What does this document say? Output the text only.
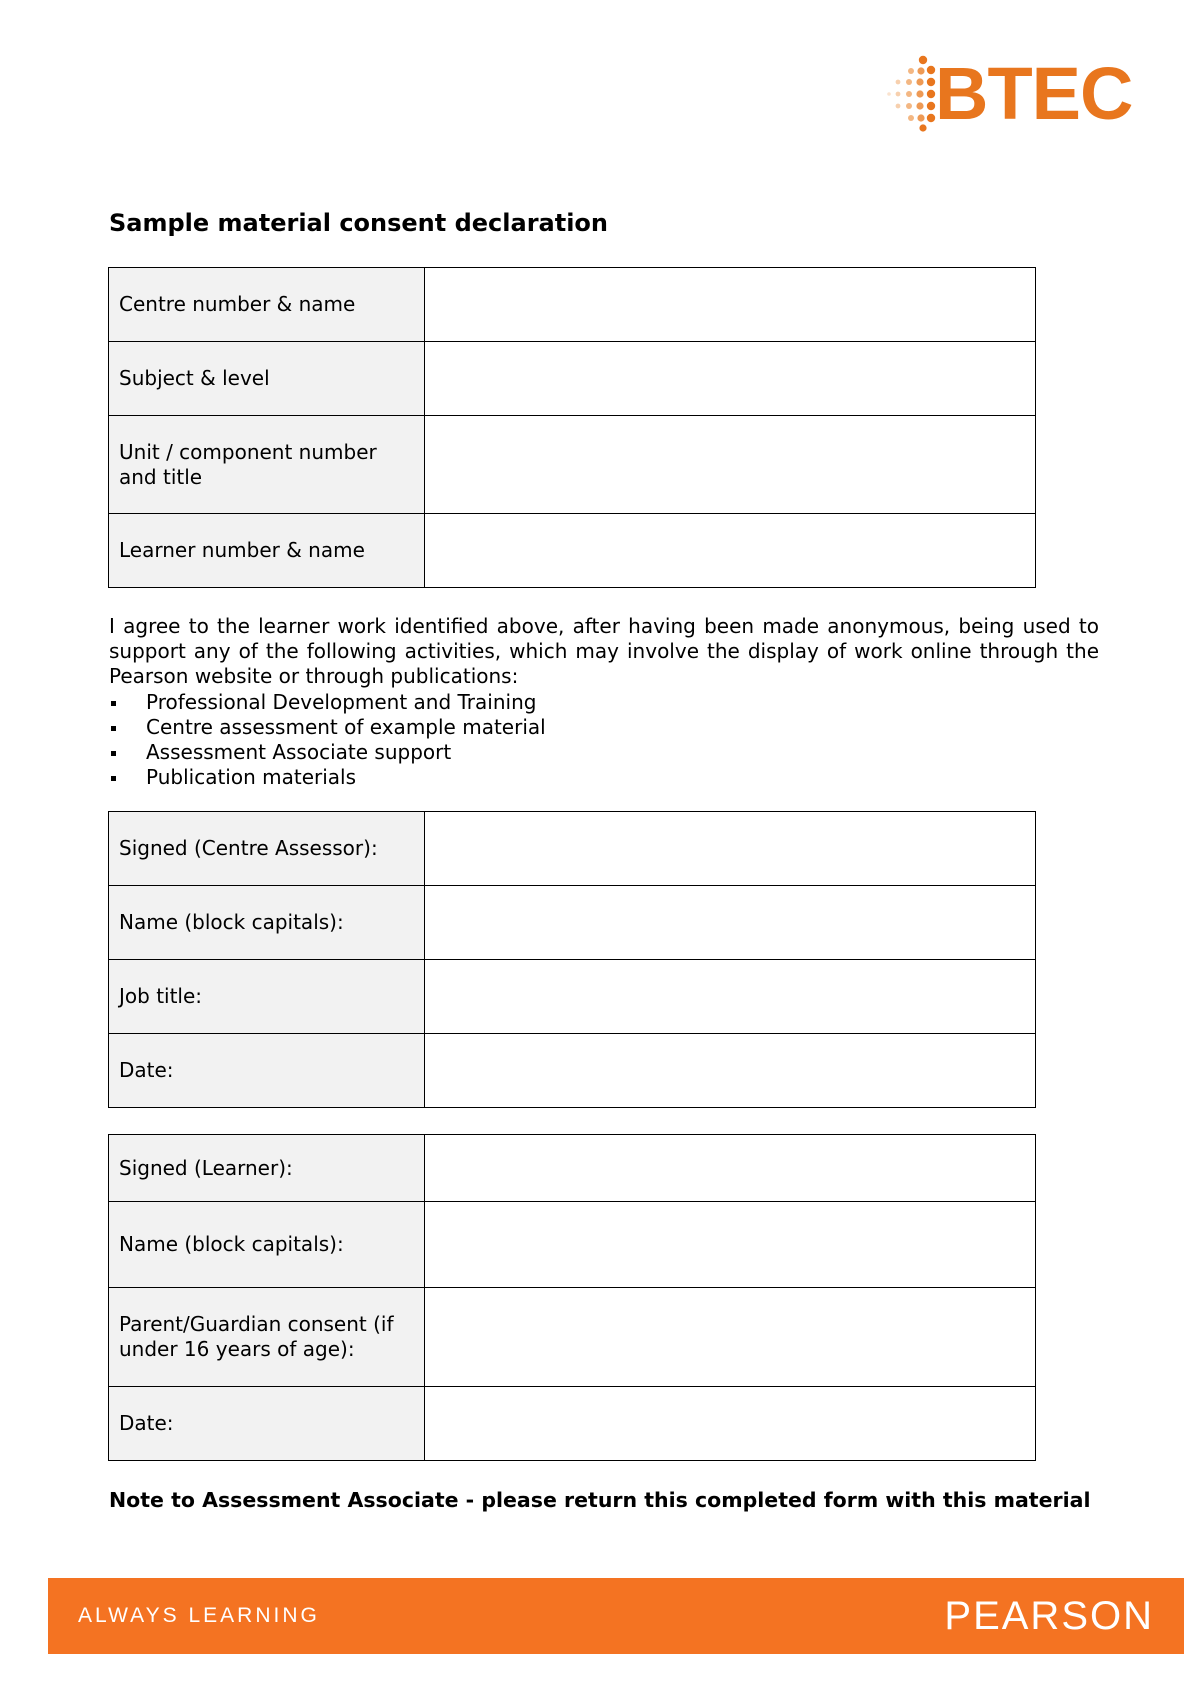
BTEC
Sample material consent declaration
Centre number & name	
Subject & level	
Unit / component number and title	
Learner number & name	

I agree to the learner work identified above, after having been made anonymous, being used to support any of the following activities, which may involve the display of work online through the Pearson website or through publications:

Professional Development and Training
Centre assessment of example material
Assessment Associate support
Publication materials
Signed (Centre Assessor):	
Name (block capitals):	
Job title:	
Date:	
Signed (Learner):	
Name (block capitals):	
Parent/Guardian consent (if under 16 years of age):	
Date:	

Note to Assessment Associate - please return this completed form with this material

ALWAYS LEARNING	PEARSON
